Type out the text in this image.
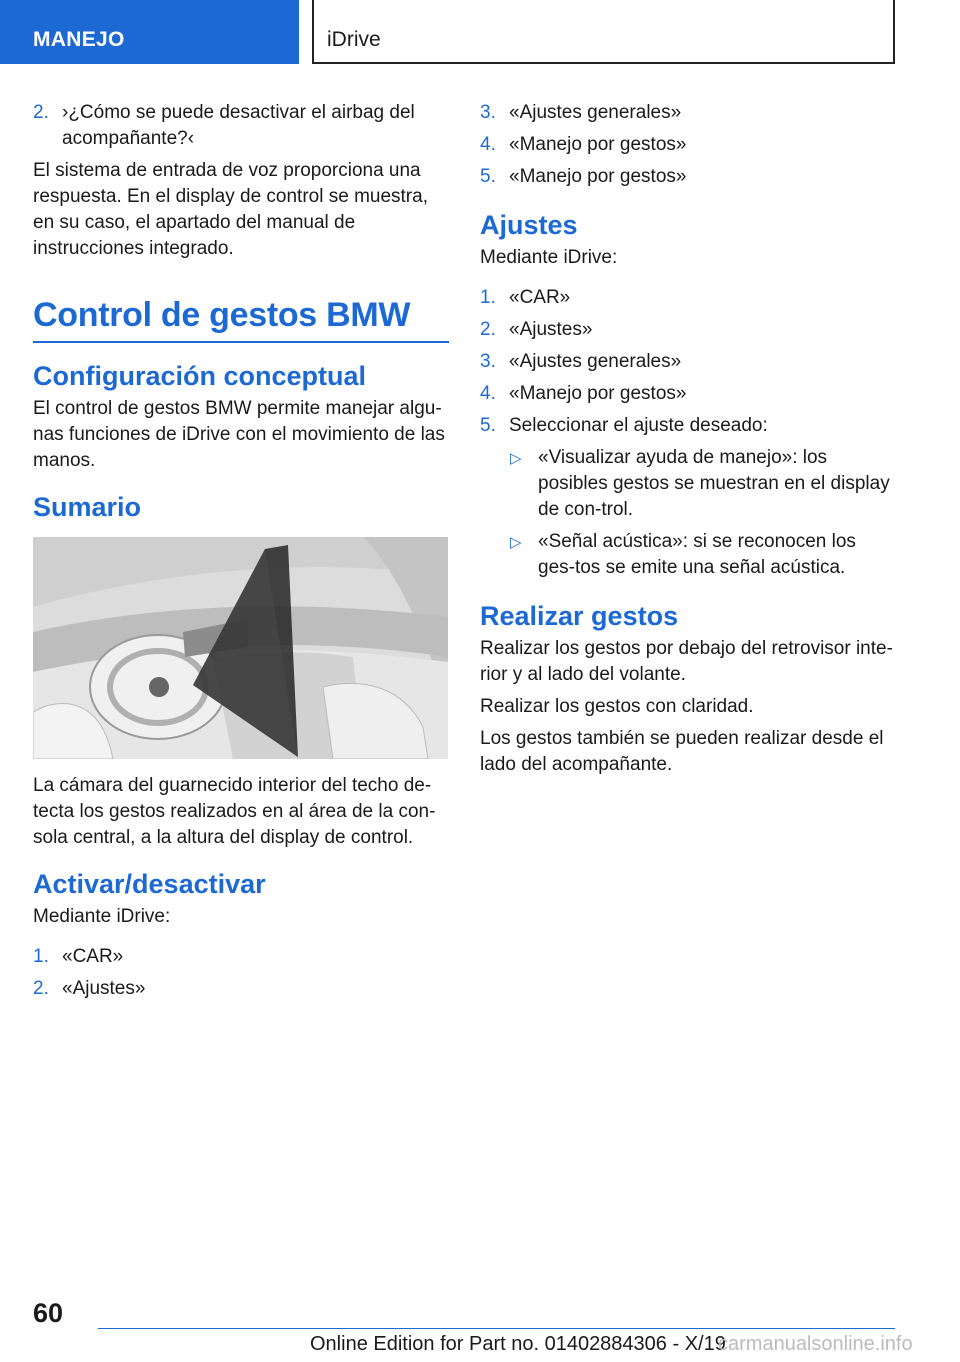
MANEJO	iDrive
2. ›¿Cómo se puede desactivar el airbag del acompañante?‹

El sistema de entrada de voz proporciona una respuesta. En el display de control se muestra, en su caso, el apartado del manual de instrucciones integrado.

Control de gestos BMW
Configuración conceptual

El control de gestos BMW permite manejar algu-nas funciones de iDrive con el movimiento de las manos.

Sumario

La cámara del guarnecido interior del techo de-tecta los gestos realizados en al área de la con-sola central, a la altura del display de control.

Activar/desactivar

Mediante iDrive:

1. «CAR»
2. «Ajustes»
3. «Ajustes generales»
4. «Manejo por gestos»
5. «Manejo por gestos»
Ajustes

Mediante iDrive:

1. «CAR»
2. «Ajustes»
3. «Ajustes generales»
4. «Manejo por gestos»
5. Seleccionar el ajuste deseado:
▷ «Visualizar ayuda de manejo»: los posibles gestos se muestran en el display de con-trol.
▷ «Señal acústica»: si se reconocen los ges-tos se emite una señal acústica.
Realizar gestos

Realizar los gestos por debajo del retrovisor inte-rior y al lado del volante.

Realizar los gestos con claridad.

Los gestos también se pueden realizar desde el lado del acompañante.

60
Online Edition for Part no. 01402884306 - X/19
carmanualsonline.info
